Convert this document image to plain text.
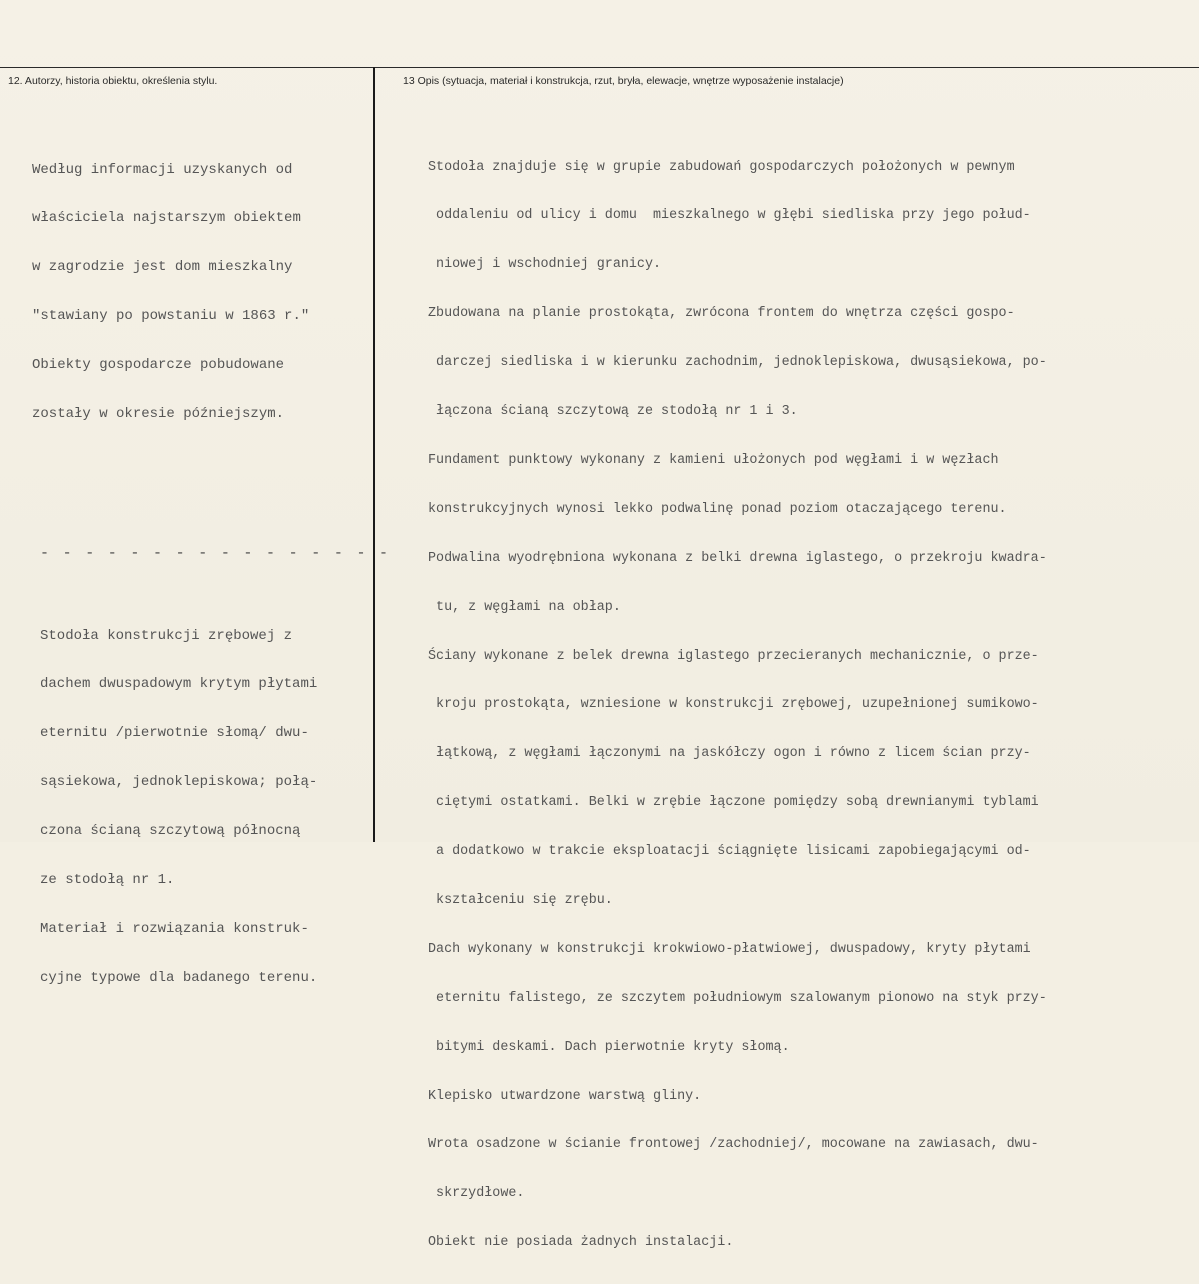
12. Autorzy, historia obiektu, określenia stylu.	13 Opis (sytuacja, materiał i konstrukcja, rzut, bryła, elewacje, wnętrze wyposażenie instalacje)

Według informacji uzyskanych od

właściciela najstarszym obiektem

w zagrodzie jest dom mieszkalny

"stawiany po powstaniu w 1863 r."

Obiekty gospodarcze pobudowane

zostały w okresie późniejszym.

- - - - - - - - - - - - - - - -

Stodoła konstrukcji zrębowej z

dachem dwuspadowym krytym płytami

eternitu /pierwotnie słomą/ dwu-

sąsiekowa, jednoklepiskowa; połą-

czona ścianą szczytową północną

ze stodołą nr 1.

Materiał i rozwiązania konstruk-

cyjne typowe dla badanego terenu.

Stodoła znajduje się w grupie zabudowań gospodarczych położonych w pewnym

oddaleniu od ulicy i domu  mieszkalnego w głębi siedliska przy jego połud-

niowej i wschodniej granicy.

Zbudowana na planie prostokąta, zwrócona frontem do wnętrza części gospo-

darczej siedliska i w kierunku zachodnim, jednoklepiskowa, dwusąsiekowa, po-

łączona ścianą szczytową ze stodołą nr 1 i 3.

Fundament punktowy wykonany z kamieni ułożonych pod węgłami i w węzłach

konstrukcyjnych wynosi lekko podwalinę ponad poziom otaczającego terenu.

Podwalina wyodrębniona wykonana z belki drewna iglastego, o przekroju kwadra-

tu, z węgłami na obłap.

Ściany wykonane z belek drewna iglastego przecieranych mechanicznie, o prze-

kroju prostokąta, wzniesione w konstrukcji zrębowej, uzupełnionej sumikowo-

łątkową, z węgłami łączonymi na jaskółczy ogon i równo z licem ścian przy-

ciętymi ostatkami. Belki w zrębie łączone pomiędzy sobą drewnianymi tyblami

a dodatkowo w trakcie eksploatacji ściągnięte lisicami zapobiegającymi od-

kształceniu się zrębu.

Dach wykonany w konstrukcji krokwiowo-płatwiowej, dwuspadowy, kryty płytami

eternitu falistego, ze szczytem południowym szalowanym pionowo na styk przy-

bitymi deskami. Dach pierwotnie kryty słomą.

Klepisko utwardzone warstwą gliny.

Wrota osadzone w ścianie frontowej /zachodniej/, mocowane na zawiasach, dwu-

skrzydłowe.

Obiekt nie posiada żadnych instalacji.
